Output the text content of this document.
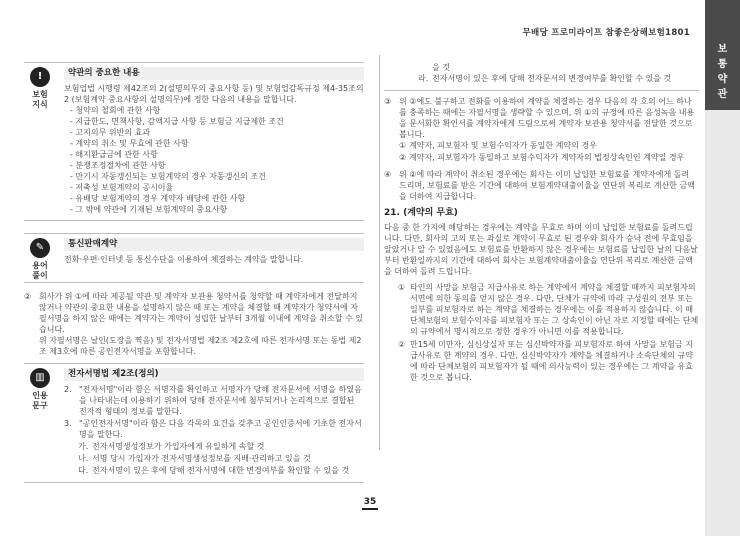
무배당 프로미라이프 참좋은상해보험1801
보
통
약
관
!
보험
지식
약관의 중요한 내용
보험업법 시행령 제42조의 2(설명의무의 중요사항 등) 및 보험업감독규정 제4-35조의2 (보험계약 중요사항의 설명의무)에 정한 다음의 내용을 말합니다.
- 청약의 철회에 관한 사항
- 지급한도, 면책사항, 감액지급 사항 등 보험금 지급제한 조건
- 고지의무 위반의 효과
- 계약의 취소 및 무효에 관한 사항
- 해지환급금에 관한 사항
- 분쟁조정절차에 관한 사항
- 만기시 자동갱신되는 보험계약의 경우 자동갱신의 조건
- 저축성 보험계약의 공시이율
- 유배당 보험계약의 경우 계약자 배당에 관한 사항
- 그 밖에 약관에 기재된 보험계약의 중요사항
✎
용어
풀이
통신판매계약
전화·우편·인터넷 등 통신수단을 이용하여 체결하는 계약을 말합니다.
② 회사가 위 ①에 따라 제공될 약관 및 계약자 보관용 청약서를 청약할 때 계약자에게 전달하지 않거나 약관의 중요한 내용을 설명하지 않은 때 또는 계약을 체결할 때 계약자가 청약서에 자필서명을 하지 않은 때에는 계약자는 계약이 성립한 날부터 3개월 이내에 계약을 취소할 수 있습니다.
위 자필서명은 날인(도장을 찍음) 및 전자서명법 제2조 제2호에 따른 전자서명 또는 동법 제2조 제3호에 따른 공인전자서명을 포함합니다.
▥
인용
문구
전자서명법 제2조(정의)
2. "전자서명"이라 함은 서명자를 확인하고 서명자가 당해 전자문서에 서명을 하였음을 나타내는데 이용하기 위하여 당해 전자문서에 첨부되거나 논리적으로 결합된 전자적 형태의 정보를 말한다.
3. "공인전자서명"이라 함은 다음 각목의 요건을 갖추고 공인인증서에 기초한 전자서명을 말한다.
가. 전자서명생성정보가 가입자에게 유일하게 속할 것
나. 서명 당시 가입자가 전자서명생성정보를 지배·관리하고 있을 것
다. 전자서명이 있은 후에 당해 전자서명에 대한 변경여부를 확인할 수 있을 것
을 것
라. 전자서명이 있은 후에 당해 전자문서의 변경여부를 확인할 수 있을 것
③ 위 ②에도 불구하고 전화를 이용하여 계약을 체결하는 경우 다음의 각 호의 어느 하나를 충족하는 때에는 자필서명을 생략할 수 있으며, 위 ①의 규정에 따른 음성녹음 내용을 문서화한 확인서를 계약자에게 드림으로써 계약자 보관용 청약서를 전달한 것으로 봅니다.
① 계약자, 피보험자 및 보험수익자가 동일한 계약의 경우
② 계약자, 피보험자가 동일하고 보험수익자가 계약자의 법정상속인인 계약일 경우
④ 위 ②에 따라 계약이 취소된 경우에는 회사는 이미 납입한 보험료를 계약자에게 돌려 드리며, 보험료를 받은 기간에 대하여 보험계약대출이율을 연단위 복리로 계산한 금액을 더하여 지급합니다.
21. (계약의 무효)
다음 중 한 가지에 해당하는 경우에는 계약을 무효로 하며 이미 납입한 보험료를 돌려드립니다. 다만, 회사의 고의 또는 과실로 계약이 무효로 된 경우와 회사가 승낙 전에 무효임을 알았거나 알 수 있었음에도 보험료를 반환하지 않은 경우에는 보험료를 납입한 날의 다음날부터 반환일까지의 기간에 대하여 회사는 보험계약대출이율을 연단위 복리로 계산한 금액을 더하여 돌려 드립니다.
① 타인의 사망을 보험금 지급사유로 하는 계약에서 계약을 체결할 때까지 피보험자의 서면에 의한 동의를 얻지 않은 경우. 다만, 단체가 규약에 따라 구성원의 전부 또는 일부를 피보험자로 하는 계약을 체결하는 경우에는 이를 적용하지 않습니다. 이 때 단체보험의 보험수익자를 피보험자 또는 그 상속인이 아닌 자로 지정할 때에는 단체의 규약에서 명시적으로 정한 경우가 아니면 이를 적용합니다.
② 만15세 미만자, 심신상실자 또는 심신박약자를 피보험자로 하여 사망을 보험금 지급사유로 한 계약의 경우. 다만, 심신박약자가 계약을 체결하거나 소속단체의 규약에 따라 단체보험의 피보험자가 될 때에 의사능력이 있는 경우에는 그 계약을 유효한 것으로 봅니다.
35
